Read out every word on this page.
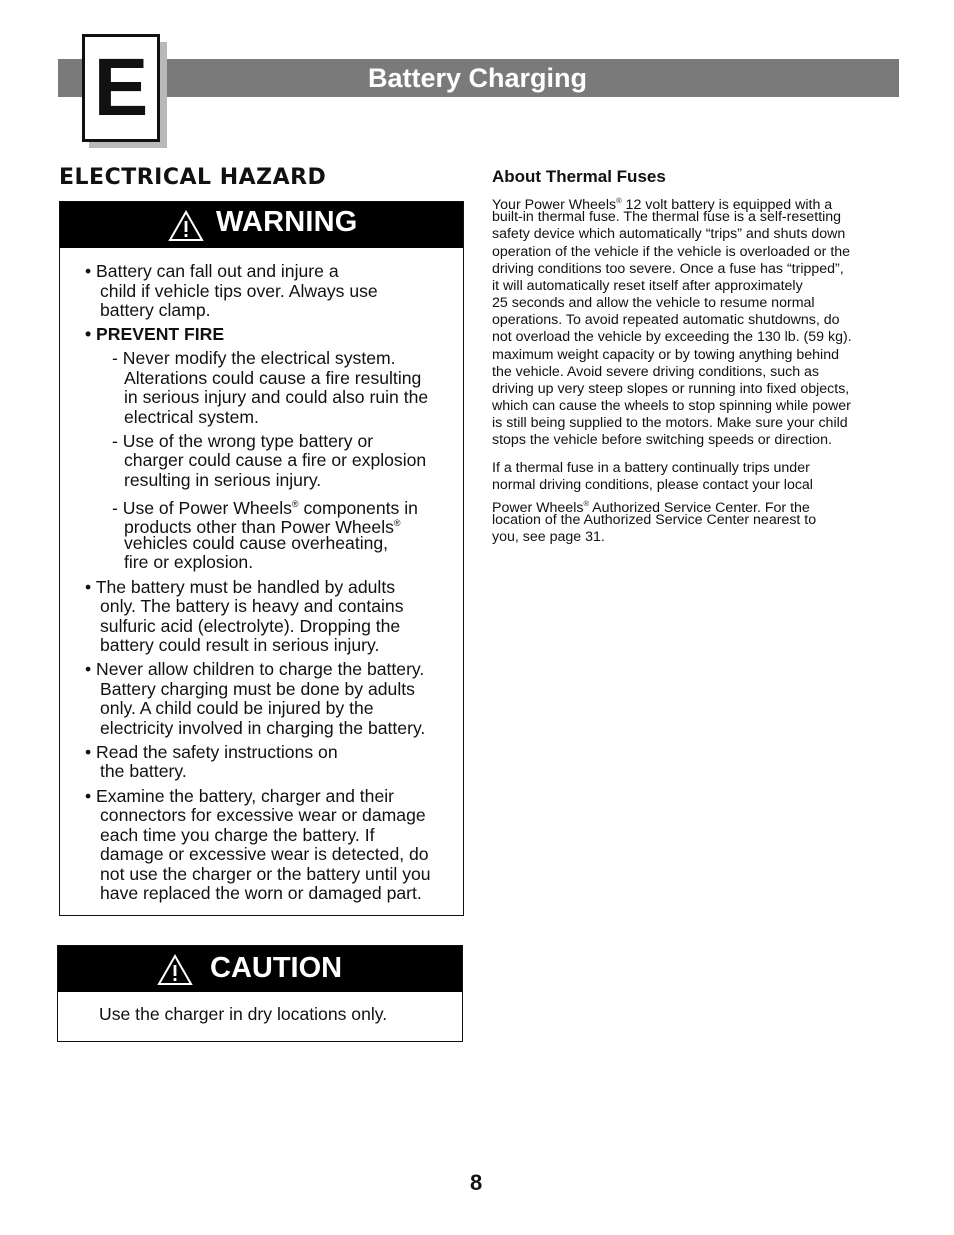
Battery Charging
E
ELECTRICAL HAZARD
WARNING
• Battery can fall out and injure a
child if vehicle tips over. Always use
battery clamp.
• PREVENT FIRE
- Never modify the electrical system.
Alterations could cause a fire resulting
in serious injury and could also ruin the
electrical system.
- Use of the wrong type battery or
charger could cause a fire or explosion
resulting in serious injury.
- Use of Power Wheels® components in
products other than Power Wheels®
vehicles could cause overheating,
fire or explosion.
• The battery must be handled by adults
only. The battery is heavy and contains
sulfuric acid (electrolyte). Dropping the
battery could result in serious injury.
• Never allow children to charge the battery.
Battery charging must be done by adults
only. A child could be injured by the
electricity involved in charging the battery.
• Read the safety instructions on
the battery.
• Examine the battery, charger and their
connectors for excessive wear or damage
each time you charge the battery. If
damage or excessive wear is detected, do
not use the charger or the battery until you
have replaced the worn or damaged part.
CAUTION
Use the charger in dry locations only.
About Thermal Fuses
Your Power Wheels® 12 volt battery is equipped with a
built-in thermal fuse. The thermal fuse is a self-resetting
safety device which automatically “trips” and shuts down
operation of the vehicle if the vehicle is overloaded or the
driving conditions too severe. Once a fuse has “tripped”,
it will automatically reset itself after approximately
25 seconds and allow the vehicle to resume normal
operations. To avoid repeated automatic shutdowns, do
not overload the vehicle by exceeding the 130 lb. (59 kg).
maximum weight capacity or by towing anything behind
the vehicle. Avoid severe driving conditions, such as
driving up very steep slopes or running into fixed objects,
which can cause the wheels to stop spinning while power
is still being supplied to the motors. Make sure your child
stops the vehicle before switching speeds or direction.
If a thermal fuse in a battery continually trips under
normal driving conditions, please contact your local
Power Wheels® Authorized Service Center. For the
location of the Authorized Service Center nearest to
you, see page 31.
8
